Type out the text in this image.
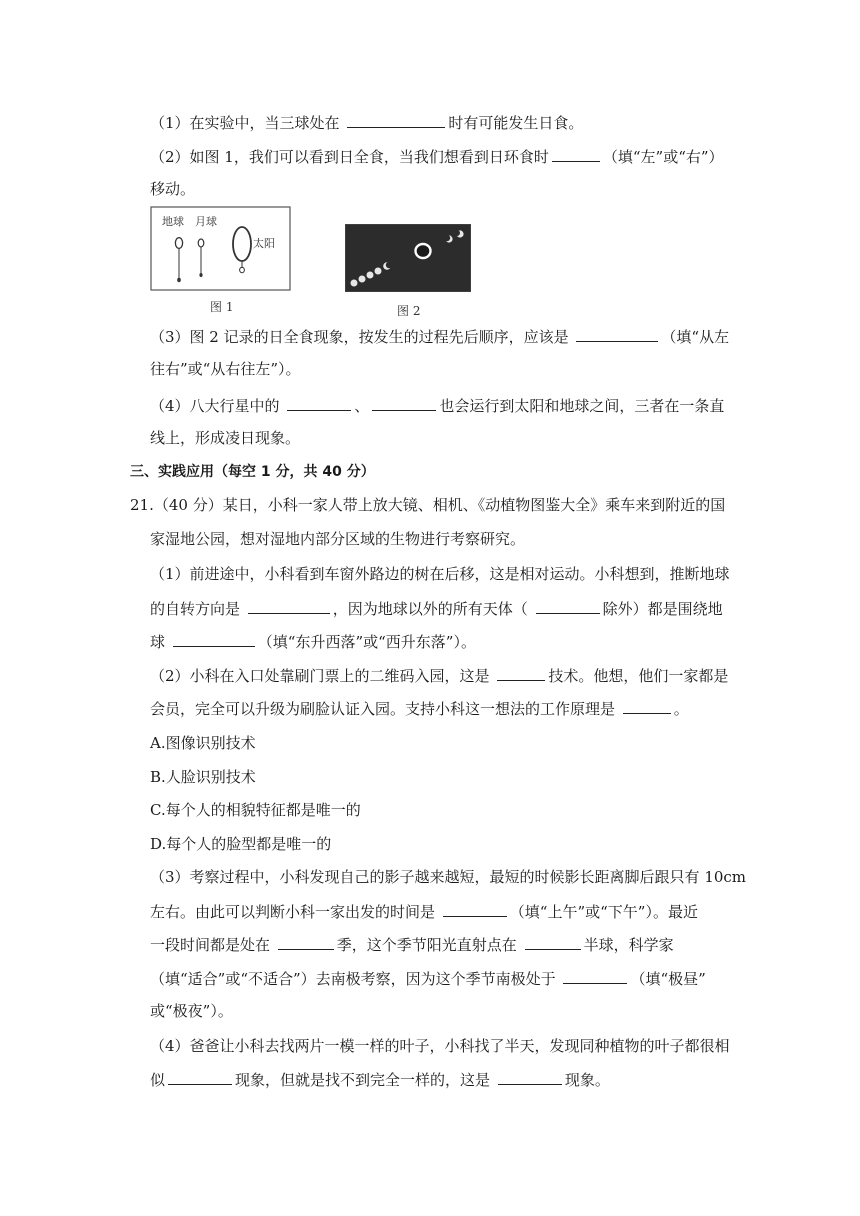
（1）在实验中，当三球处在	时有可能发生日食。
（2）如图 1，我们可以看到日全食，当我们想看到日环食时	（填“左”或“右”）
移动。
地球 月球
太阳
图 1	图 2
（3）图 2 记录的日全食现象，按发生的过程先后顺序，应该是	（填“从左
往右”或“从右往左”）。
（4）八大行星中的	、	也会运行到太阳和地球之间，三者在一条直
线上，形成凌日现象。
三、实践应用（每空 1 分，共 40 分）
21.（40 分）某日，小科一家人带上放大镜、相机、《动植物图鉴大全》乘车来到附近的国
家湿地公园，想对湿地内部分区域的生物进行考察研究。
（1）前进途中，小科看到车窗外路边的树在后移，这是相对运动。小科想到，推断地球
的自转方向是	，因为地球以外的所有天体（	除外）都是围绕地
球	（填“东升西落”或“西升东落”）。
（2）小科在入口处靠刷门票上的二维码入园，这是	技术。他想，他们一家都是
会员，完全可以升级为刷脸认证入园。支持小科这一想法的工作原理是	。
A.图像识别技术
B.人脸识别技术
C.每个人的相貌特征都是唯一的
D.每个人的脸型都是唯一的
（3）考察过程中，小科发现自己的影子越来越短，最短的时候影长距离脚后跟只有 10cm
左右。由此可以判断小科一家出发的时间是	（填“上午”或“下午”）。最近
一段时间都是处在	季，这个季节阳光直射点在	半球，科学家
（填“适合”或“不适合”）去南极考察，因为这个季节南极处于	（填“极昼”
或“极夜”）。
（4）爸爸让小科去找两片一模一样的叶子，小科找了半天，发现同种植物的叶子都很相
似	现象，但就是找不到完全一样的，这是	现象。
